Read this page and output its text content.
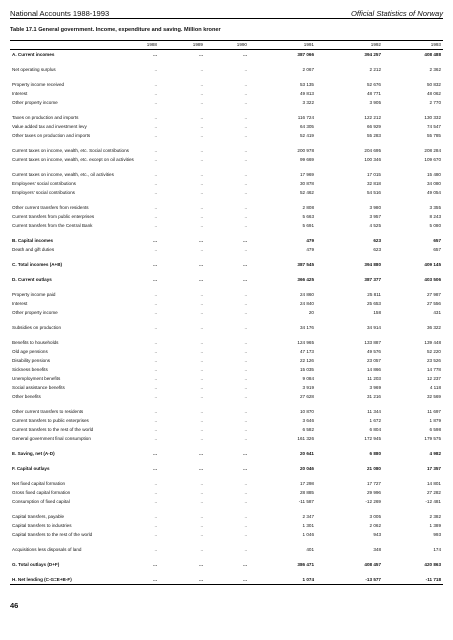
National Accounts 1988-1993	Official Statistics of Norway
Table 17.1 General government. Income, expenditure and saving. Million kroner
1988	1989	1990	1991	1992	1993
A. Current incomes	...	...	...	387 066	394 257	408 488
Net operating surplus	..	..	..	2 067	2 212	2 362
Property income received	..	..	..	53 135	52 676	50 832
Interest	..	..	..	49 813	48 771	48 062
Other property income	..	..	..	3 322	3 905	2 770
Taxes on production and imports	..	..	..	116 724	122 212	130 332
Value added tax and investment levy	..	..	..	64 305	66 929	74 547
Other taxes on production and imports	..	..	..	52 419	55 283	55 785
Current taxes on income, wealth, etc. Social contributions	..	..	..	200 978	204 695	208 284
Current taxes on income, wealth, etc. except on oil activities	..	..	..	99 669	100 346	109 670
Current taxes on income, wealth, etc., oil activities	..	..	..	17 969	17 015	15 480
Employees' social contributions	..	..	..	30 878	32 818	34 080
Employers' social contributions	..	..	..	52 462	54 516	49 054
Other current transfers from residents	..	..	..	2 808	3 980	3 355
Current transfers from public enterprises	..	..	..	5 663	3 957	8 243
Current transfers from the Central Bank	..	..	..	5 691	4 525	5 080
B. Capital incomes	...	...	...	479	623	657
Death and gift duties	..	..	..	479	623	657
C. Total incomes (A+B)	...	...	...	387 545	394 880	409 145
D. Current outlays	...	...	...	366 425	387 377	403 506
Property income paid	..	..	..	24 860	25 811	27 987
Interest	..	..	..	24 840	25 653	27 556
Other property income	..	..	..	20	158	431
Subsidies on production	..	..	..	34 176	34 914	36 322
Benefits to households	..	..	..	124 965	133 887	139 448
Old age pensions	..	..	..	47 173	49 576	52 220
Disability pensions	..	..	..	22 126	23 057	23 526
Sickness benefits	..	..	..	15 035	14 866	14 778
Unemployment benefits	..	..	..	9 084	11 203	12 237
Social assistance benefits	..	..	..	3 919	3 969	4 118
Other benefits	..	..	..	27 628	31 216	32 569
Other current transfers to residents	..	..	..	10 870	11 344	11 697
Current transfers to public enterprises	..	..	..	3 646	1 672	1 879
Current transfers to the rest of the world	..	..	..	6 582	6 804	6 598
General government final consumption	..	..	..	161 326	172 945	179 575
E. Saving, net (A-D)	...	...	...	20 641	6 880	4 982
F. Capital outlays	...	...	...	20 046	21 080	17 357
Net fixed capital formation	..	..	..	17 298	17 727	14 801
Gross fixed capital formation	..	..	..	28 885	29 996	27 282
Consumption of fixed capital	..	..	..	-11 587	-12 269	-12 481
Capital transfers, payable	..	..	..	2 347	3 005	2 382
Capital transfers to industries	..	..	..	1 301	2 062	1 389
Capital transfers to the rest of the world	..	..	..	1 046	943	993
Acquisitions less disposals of land	..	..	..	401	348	174
G. Total outlays (D+F)	...	...	...	386 471	408 457	420 863
H. Net lending (C-G=E+B-F)	...	...	...	1 074	-13 577	-11 718
46
